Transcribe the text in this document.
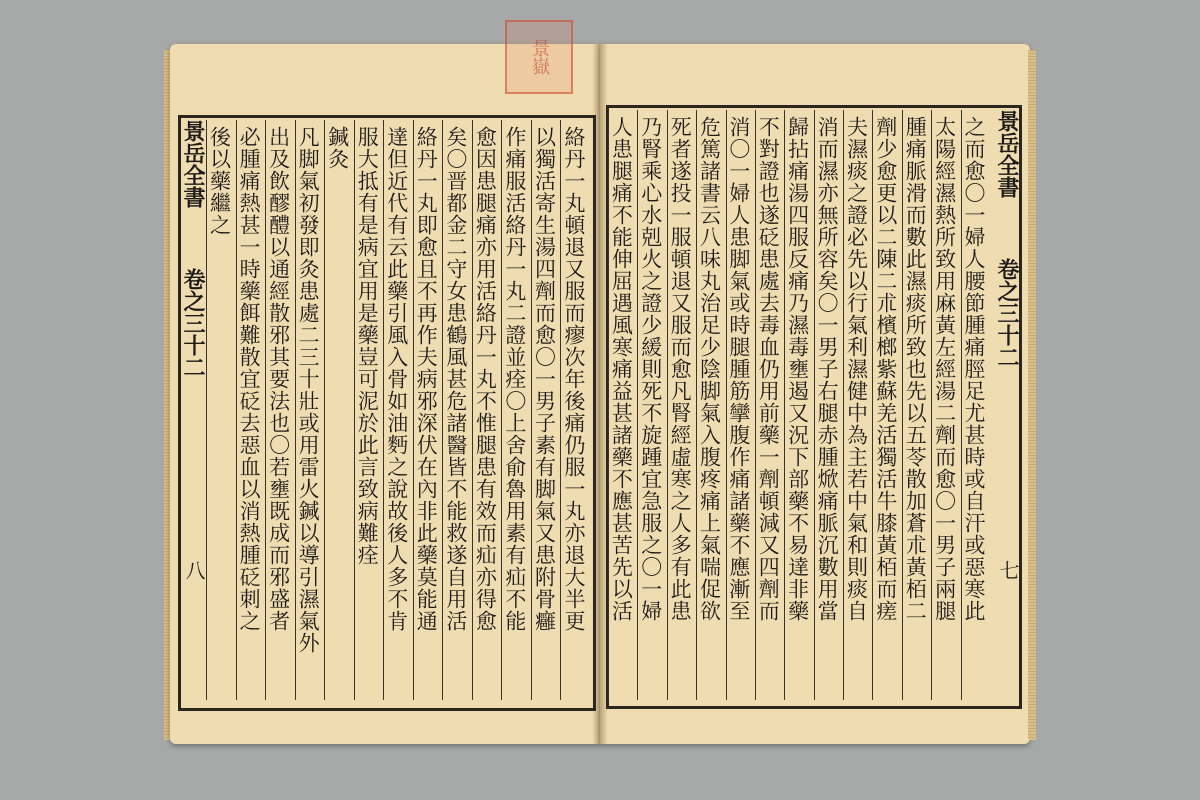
景嶽
景岳全書
卷之三十二
八
景岳全書
卷之三十二
七
絡丹一丸頓退又服而瘳次年後痛仍服一丸亦退大半更
以獨活寄生湯四劑而愈〇一男子素有脚氣又患附骨癰
作痛服活絡丹一丸二證並痊〇上舍俞魯用素有疝不能
愈因患腿痛亦用活絡丹一丸不惟腿患有效而疝亦得愈
矣〇晋都金二守女患鶴風甚危諸醫皆不能救遂自用活
絡丹一丸即愈且不再作夫病邪深伏在內非此藥莫能通
達但近代有云此藥引風入骨如油麪之說故後人多不肯
服大抵有是病宜用是藥豈可泥於此言致病難痊
鍼灸
凡脚氣初發即灸患處二三十壯或用雷火鍼以導引濕氣外
出及飲醪醴以通經散邪其要法也〇若壅既成而邪盛者
必腫痛熱甚一時藥餌難散宜砭去惡血以消熱腫砭刺之
後以藥繼之	之而愈〇一婦人腰節腫痛脛足尤甚時或自汗或惡寒此
太陽經濕熱所致用麻黃左經湯二劑而愈〇一男子兩腿
腫痛脈滑而數此濕痰所致也先以五苓散加蒼朮黃栢二
劑少愈更以二陳二朮檳榔紫蘇羌活獨活牛膝黃栢而瘥
夫濕痰之證必先以行氣利濕健中為主若中氣和則痰自
消而濕亦無所容矣〇一男子右腿赤腫焮痛脈沉數用當
歸拈痛湯四服反痛乃濕毒壅遏又況下部藥不易達非藥
不對證也遂砭患處去毒血仍用前藥一劑頓減又四劑而
消〇一婦人患脚氣或時腿腫筋攣腹作痛諸藥不應漸至
危篤諸書云八味丸治足少陰脚氣入腹疼痛上氣喘促欲
死者遂投一服頓退又服而愈凡腎經虛寒之人多有此患
乃腎乘心水剋火之證少緩則死不旋踵宜急服之〇一婦
人患腿痛不能伸屈遇風寒痛益甚諸藥不應甚苦先以活
